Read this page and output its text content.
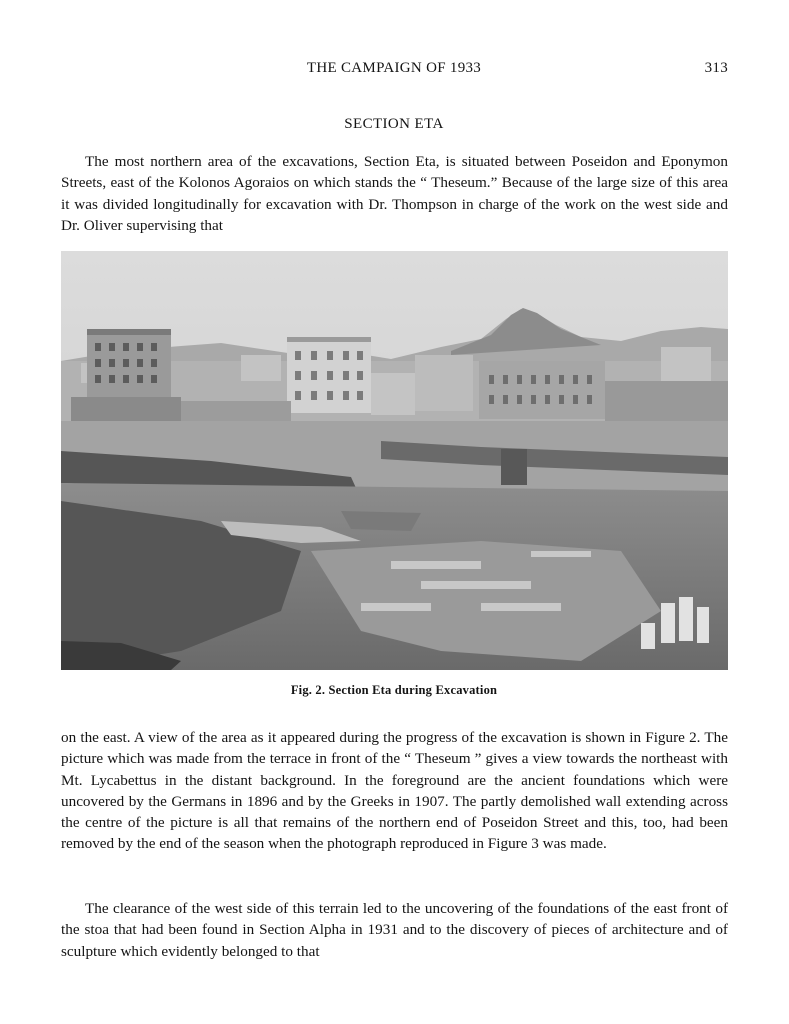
THE CAMPAIGN OF 1933	313
SECTION ETA

The most northern area of the excavations, Section Eta, is situated between Poseidon and Eponymon Streets, east of the Kolonos Agoraios on which stands the “ Theseum.” Because of the large size of this area it was divided longitudinally for excavation with Dr. Thompson in charge of the work on the west side and Dr. Oliver supervising that

Fig. 2. Section Eta during Excavation

on the east. A view of the area as it appeared during the progress of the excavation is shown in Figure 2. The picture which was made from the terrace in front of the “ Theseum ” gives a view towards the northeast with Mt. Lycabettus in the distant background. In the foreground are the ancient foundations which were uncovered by the Germans in 1896 and by the Greeks in 1907. The partly demolished wall extending across the centre of the picture is all that remains of the northern end of Poseidon Street and this, too, had been removed by the end of the season when the photograph reproduced in Figure 3 was made.

The clearance of the west side of this terrain led to the uncovering of the foundations of the east front of the stoa that had been found in Section Alpha in 1931 and to the discovery of pieces of architecture and of sculpture which evidently belonged to that
